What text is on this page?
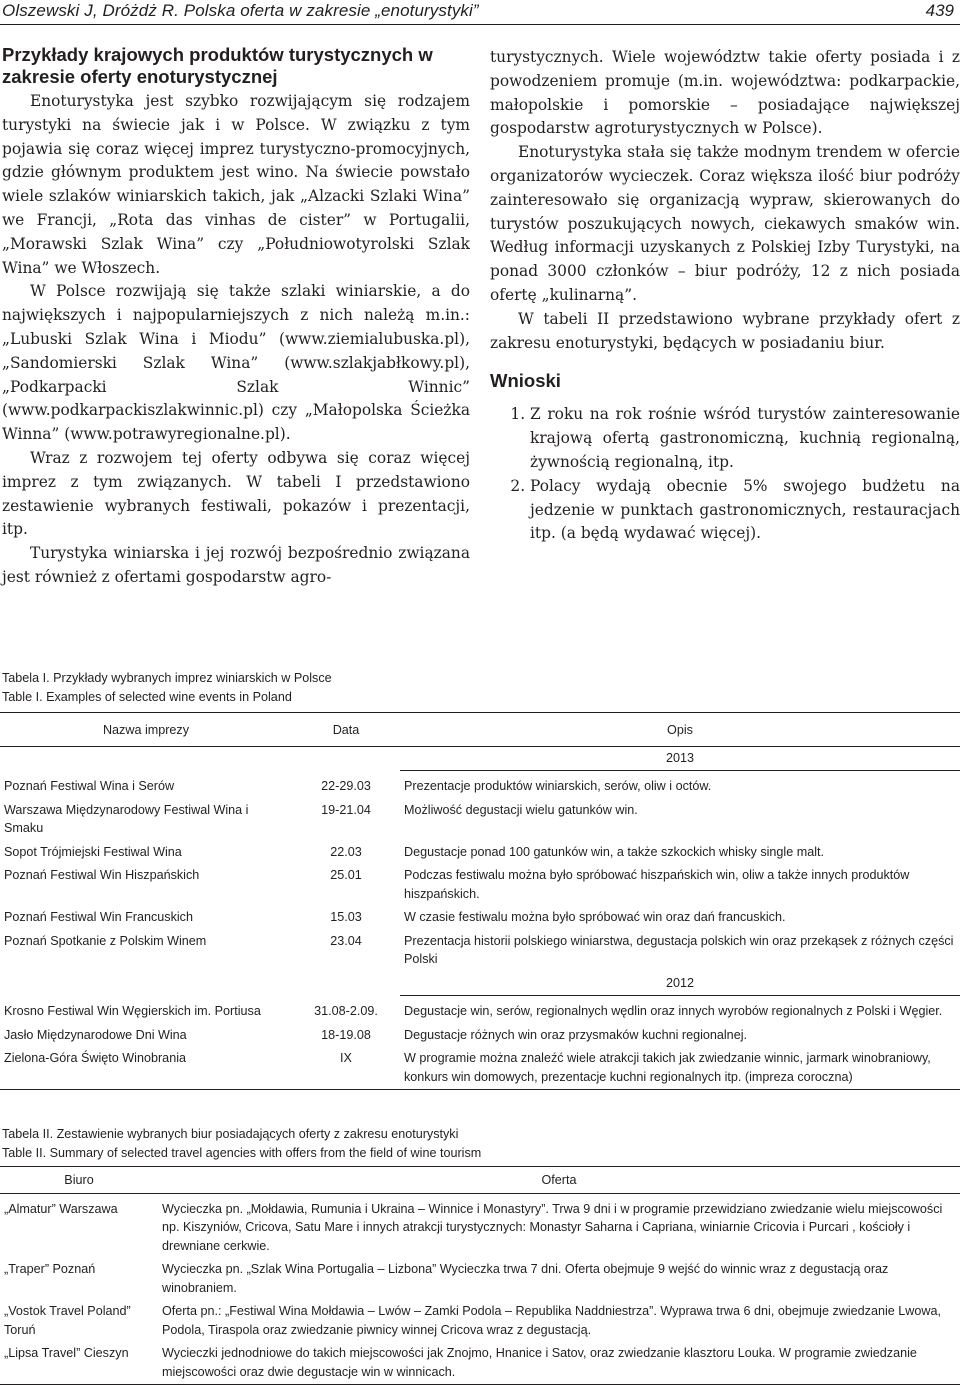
Olszewski J, Dróżdż R. Polska oferta w zakresie „enoturystyki”	439
Przykłady krajowych produktów turystycznych w zakresie oferty enoturystycznej

Enoturystyka jest szybko rozwijającym się rodzajem turystyki na świecie jak i w Polsce. W związku z tym pojawia się coraz więcej imprez turystyczno-promocyjnych, gdzie głównym produktem jest wino. Na świecie powstało wiele szlaków winiarskich takich, jak „Alzacki Szlaki Wina” we Francji, „Rota das vinhas de cister” w Portugalii, „Morawski Szlak Wina” czy „Południowotyrolski Szlak Wina” we Włoszech.

W Polsce rozwijają się także szlaki winiarskie, a do największych i najpopularniejszych z nich należą m.in.: „Lubuski Szlak Wina i Miodu” (www.ziemialubuska.pl), „Sandomierski Szlak Wina” (www.szlakjabłkowy.pl), „Podkarpacki Szlak Winnic” (www.podkarpackiszlakwinnic.pl) czy „Małopolska Ścieżka Winna” (www.potrawyregionalne.pl).

Wraz z rozwojem tej oferty odbywa się coraz więcej imprez z tym związanych. W tabeli I przedstawiono zestawienie wybranych festiwali, pokazów i prezentacji, itp.

Turystyka winiarska i jej rozwój bezpośrednio związana jest również z ofertami gospodarstw agro-

turystycznych. Wiele województw takie oferty posiada i z powodzeniem promuje (m.in. województwa: podkarpackie, małopolskie i pomorskie – posiadające największej gospodarstw agroturystycznych w Polsce).

Enoturystyka stała się także modnym trendem w ofercie organizatorów wycieczek. Coraz większa ilość biur podróży zainteresowało się organizacją wypraw, skierowanych do turystów poszukujących nowych, ciekawych smaków win. Według informacji uzyskanych z Polskiej Izby Turystyki, na ponad 3000 członków – biur podróży, 12 z nich posiada ofertę „kulinarną”.

W tabeli II przedstawiono wybrane przykłady ofert z zakresu enoturystyki, będących w posiadaniu biur.

Wnioski
1. Z roku na rok rośnie wśród turystów zainteresowanie krajową ofertą gastronomiczną, kuchnią regionalną, żywnością regionalną, itp.
2. Polacy wydają obecnie 5% swojego budżetu na jedzenie w punktach gastronomicznych, restauracjach itp. (a będą wydawać więcej).
Tabela I. Przykłady wybranych imprez winiarskich w Polsce
Table I. Examples of selected wine events in Poland
Nazwa imprezy	Data	Opis
		2013
Poznań Festiwal Wina i Serów	22-29.03	Prezentacje produktów winiarskich, serów, oliw i octów.
Warszawa Międzynarodowy Festiwal Wina i Smaku	19-21.04	Możliwość degustacji wielu gatunków win.
Sopot Trójmiejski Festiwal Wina	22.03	Degustacje ponad 100 gatunków win, a także szkockich whisky single malt.
Poznań Festiwal Win Hiszpańskich	25.01	Podczas festiwalu można było spróbować hiszpańskich win, oliw a także innych produktów hiszpańskich.
Poznań Festiwal Win Francuskich	15.03	W czasie festiwalu można było spróbować win oraz dań francuskich.
Poznań Spotkanie z Polskim Winem	23.04	Prezentacja historii polskiego winiarstwa, degustacja polskich win oraz przekąsek z różnych części Polski
		2012
Krosno Festiwal Win Węgierskich im. Portiusa	31.08-2.09.	Degustacje win, serów, regionalnych wędlin oraz innych wyrobów regionalnych z Polski i Węgier.
Jasło Międzynarodowe Dni Wina	18-19.08	Degustacje różnych win oraz przysmaków kuchni regionalnej.
Zielona-Góra Święto Winobrania	IX	W programie można znaleźć wiele atrakcji takich jak zwiedzanie winnic, jarmark winobraniowy, konkurs win domowych, prezentacje kuchni regionalnych itp. (impreza coroczna)
Tabela II. Zestawienie wybranych biur posiadających oferty z zakresu enoturystyki
Table II. Summary of selected travel agencies with offers from the field of wine tourism
Biuro	Oferta
„Almatur” Warszawa	Wycieczka pn. „Mołdawia, Rumunia i Ukraina – Winnice i Monastyry”. Trwa 9 dni i w programie przewidziano zwiedzanie wielu miejscowości np. Kiszyniów, Cricova, Satu Mare i innych atrakcji turystycznych: Monastyr Saharna i Capriana, winiarnie Cricovia i Purcari , kościoły i drewniane cerkwie.
„Traper” Poznań	Wycieczka pn. „Szlak Wina Portugalia – Lizbona” Wycieczka trwa 7 dni. Oferta obejmuje 9 wejść do winnic wraz z degustacją oraz winobraniem.
„Vostok Travel Poland” Toruń	Oferta pn.: „Festiwal Wina Mołdawia – Lwów – Zamki Podola – Republika Naddniestrza”. Wyprawa trwa 6 dni, obejmuje zwiedzanie Lwowa, Podola, Tiraspola oraz zwiedzanie piwnicy winnej Cricova wraz z degustacją.
„Lipsa Travel” Cieszyn	Wycieczki jednodniowe do takich miejscowości jak Znojmo, Hnanice i Satov, oraz zwiedzanie klasztoru Louka. W programie zwiedzanie miejscowości oraz dwie degustacje win w winnicach.
